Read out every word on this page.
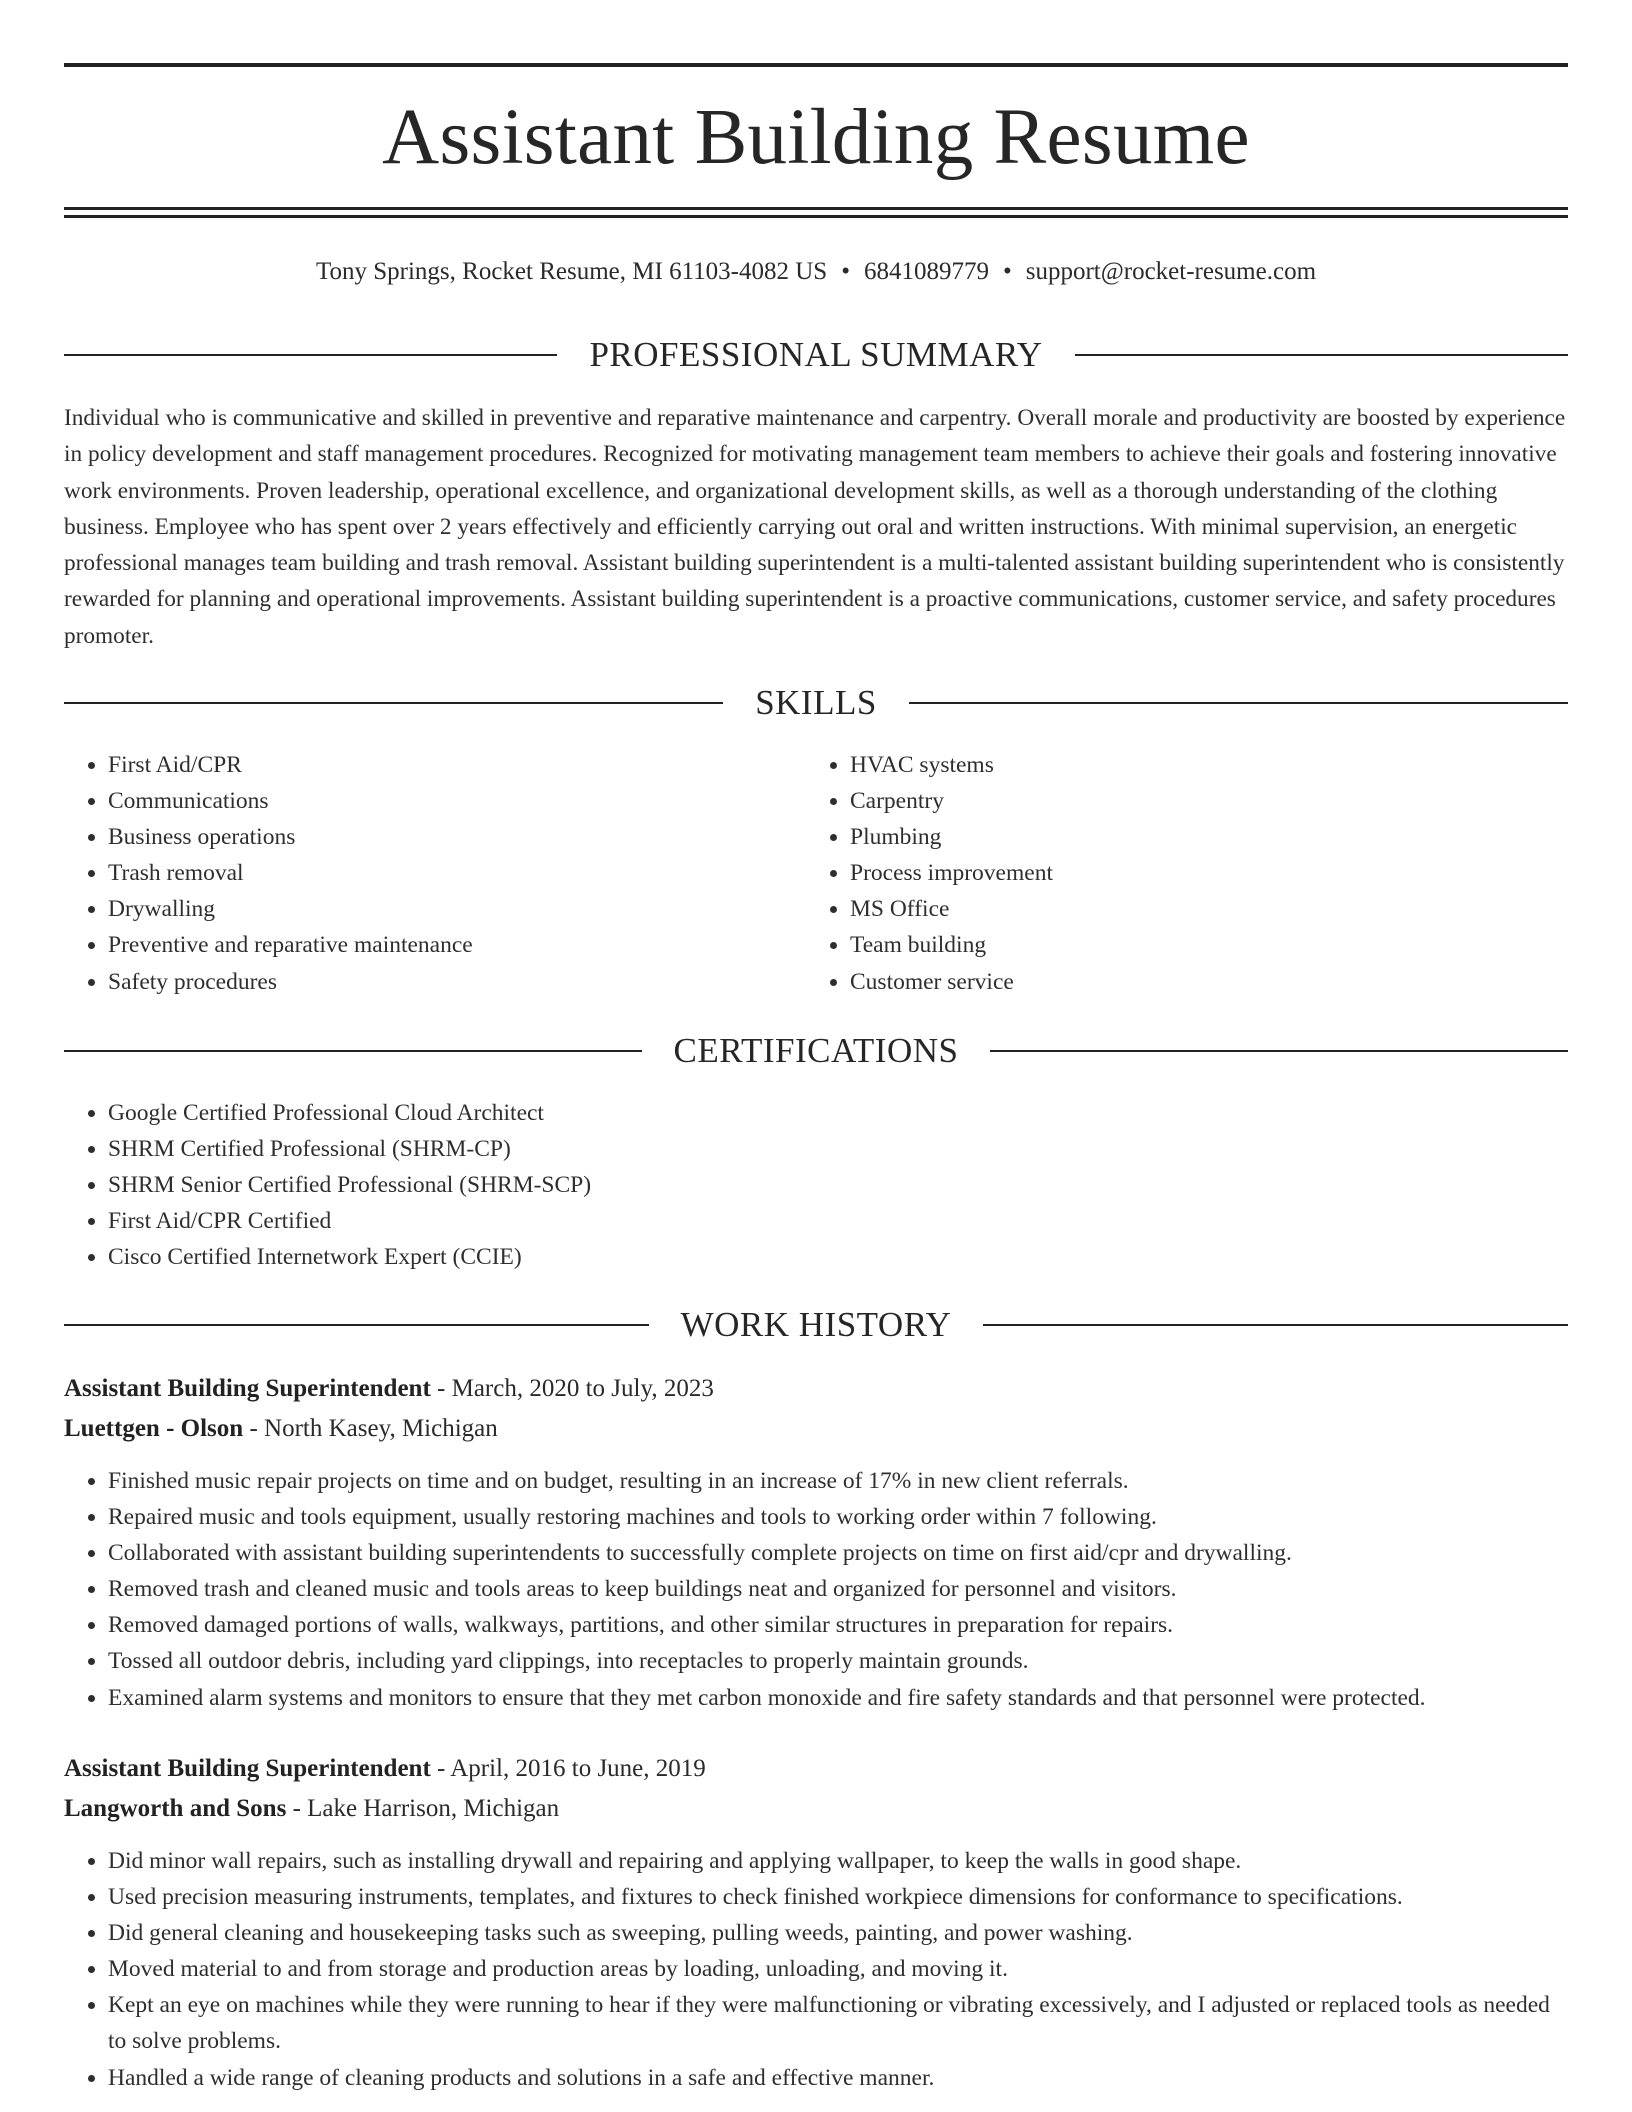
Assistant Building Resume
Tony Springs, Rocket Resume, MI 61103-4082 US • 6841089779 • support@rocket-resume.com
PROFESSIONAL SUMMARY

Individual who is communicative and skilled in preventive and reparative maintenance and carpentry. Overall morale and productivity are boosted by experience in policy development and staff management procedures. Recognized for motivating management team members to achieve their goals and fostering innovative work environments. Proven leadership, operational excellence, and organizational development skills, as well as a thorough understanding of the clothing business. Employee who has spent over 2 years effectively and efficiently carrying out oral and written instructions. With minimal supervision, an energetic professional manages team building and trash removal. Assistant building superintendent is a multi-talented assistant building superintendent who is consistently rewarded for planning and operational improvements. Assistant building superintendent is a proactive communications, customer service, and safety procedures promoter.

SKILLS
• First Aid/CPR
• Communications
• Business operations
• Trash removal
• Drywalling
• Preventive and reparative maintenance
• Safety procedures
• HVAC systems
• Carpentry
• Plumbing
• Process improvement
• MS Office
• Team building
• Customer service
CERTIFICATIONS
• Google Certified Professional Cloud Architect
• SHRM Certified Professional (SHRM-CP)
• SHRM Senior Certified Professional (SHRM-SCP)
• First Aid/CPR Certified
• Cisco Certified Internetwork Expert (CCIE)
WORK HISTORY
Assistant Building Superintendent - March, 2020 to July, 2023
Luettgen - Olson - North Kasey, Michigan
• Finished music repair projects on time and on budget, resulting in an increase of 17% in new client referrals.
• Repaired music and tools equipment, usually restoring machines and tools to working order within 7 following.
• Collaborated with assistant building superintendents to successfully complete projects on time on first aid/cpr and drywalling.
• Removed trash and cleaned music and tools areas to keep buildings neat and organized for personnel and visitors.
• Removed damaged portions of walls, walkways, partitions, and other similar structures in preparation for repairs.
• Tossed all outdoor debris, including yard clippings, into receptacles to properly maintain grounds.
• Examined alarm systems and monitors to ensure that they met carbon monoxide and fire safety standards and that personnel were protected.
Assistant Building Superintendent - April, 2016 to June, 2019
Langworth and Sons - Lake Harrison, Michigan
• Did minor wall repairs, such as installing drywall and repairing and applying wallpaper, to keep the walls in good shape.
• Used precision measuring instruments, templates, and fixtures to check finished workpiece dimensions for conformance to specifications.
• Did general cleaning and housekeeping tasks such as sweeping, pulling weeds, painting, and power washing.
• Moved material to and from storage and production areas by loading, unloading, and moving it.
• Kept an eye on machines while they were running to hear if they were malfunctioning or vibrating excessively, and I adjusted or replaced tools as needed to solve problems.
• Handled a wide range of cleaning products and solutions in a safe and effective manner.
